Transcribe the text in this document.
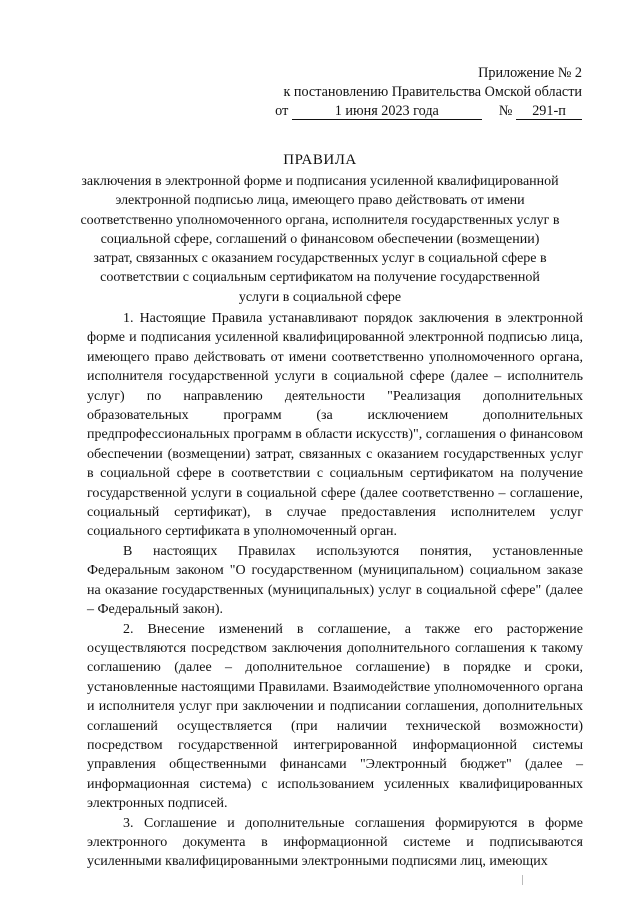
Приложение № 2
к постановлению Правительства Омской области
от	1 июня 2023 года	№ 291-п
ПРАВИЛА
заключения в электронной форме и подписания усиленной квалифицированной электронной подписью лица, имеющего право действовать от имени соответственно уполномоченного органа, исполнителя государственных услуг в социальной сфере, соглашений о финансовом обеспечении (возмещении) затрат, связанных с оказанием государственных услуг в социальной сфере в соответствии с социальным сертификатом на получение государственной услуги в социальной сфере

1. Настоящие Правила устанавливают порядок заключения в электронной форме и подписания усиленной квалифицированной электронной подписью лица, имеющего право действовать от имени соответственно уполномоченного органа, исполнителя государственной услуги в социальной сфере (далее – исполнитель услуг) по направлению деятельности "Реализация дополнительных образовательных программ (за исключением дополнительных предпрофессиональных программ в области искусств)", соглашения о финансовом обеспечении (возмещении) затрат, связанных с оказанием государственных услуг в социальной сфере в соответствии с социальным сертификатом на получение государственной услуги в социальной сфере (далее соответственно – соглашение, социальный сертификат), в случае предоставления исполнителем услуг социального сертификата в уполномоченный орган.

В настоящих Правилах используются понятия, установленные Федеральным законом "О государственном (муниципальном) социальном заказе на оказание государственных (муниципальных) услуг в социальной сфере" (далее – Федеральный закон).

2. Внесение изменений в соглашение, а также его расторжение осуществляются посредством заключения дополнительного соглашения к такому соглашению (далее – дополнительное соглашение) в порядке и сроки, установленные настоящими Правилами. Взаимодействие уполномоченного органа и исполнителя услуг при заключении и подписании соглашения, дополнительных соглашений осуществляется (при наличии технической возможности) посредством государственной интегрированной информационной системы управления общественными финансами "Электронный бюджет" (далее – информационная система) с использованием усиленных квалифицированных электронных подписей.

3. Соглашение и дополнительные соглашения формируются в форме электронного документа в информационной системе и подписываются усиленными квалифицированными электронными подписями лиц, имеющих
